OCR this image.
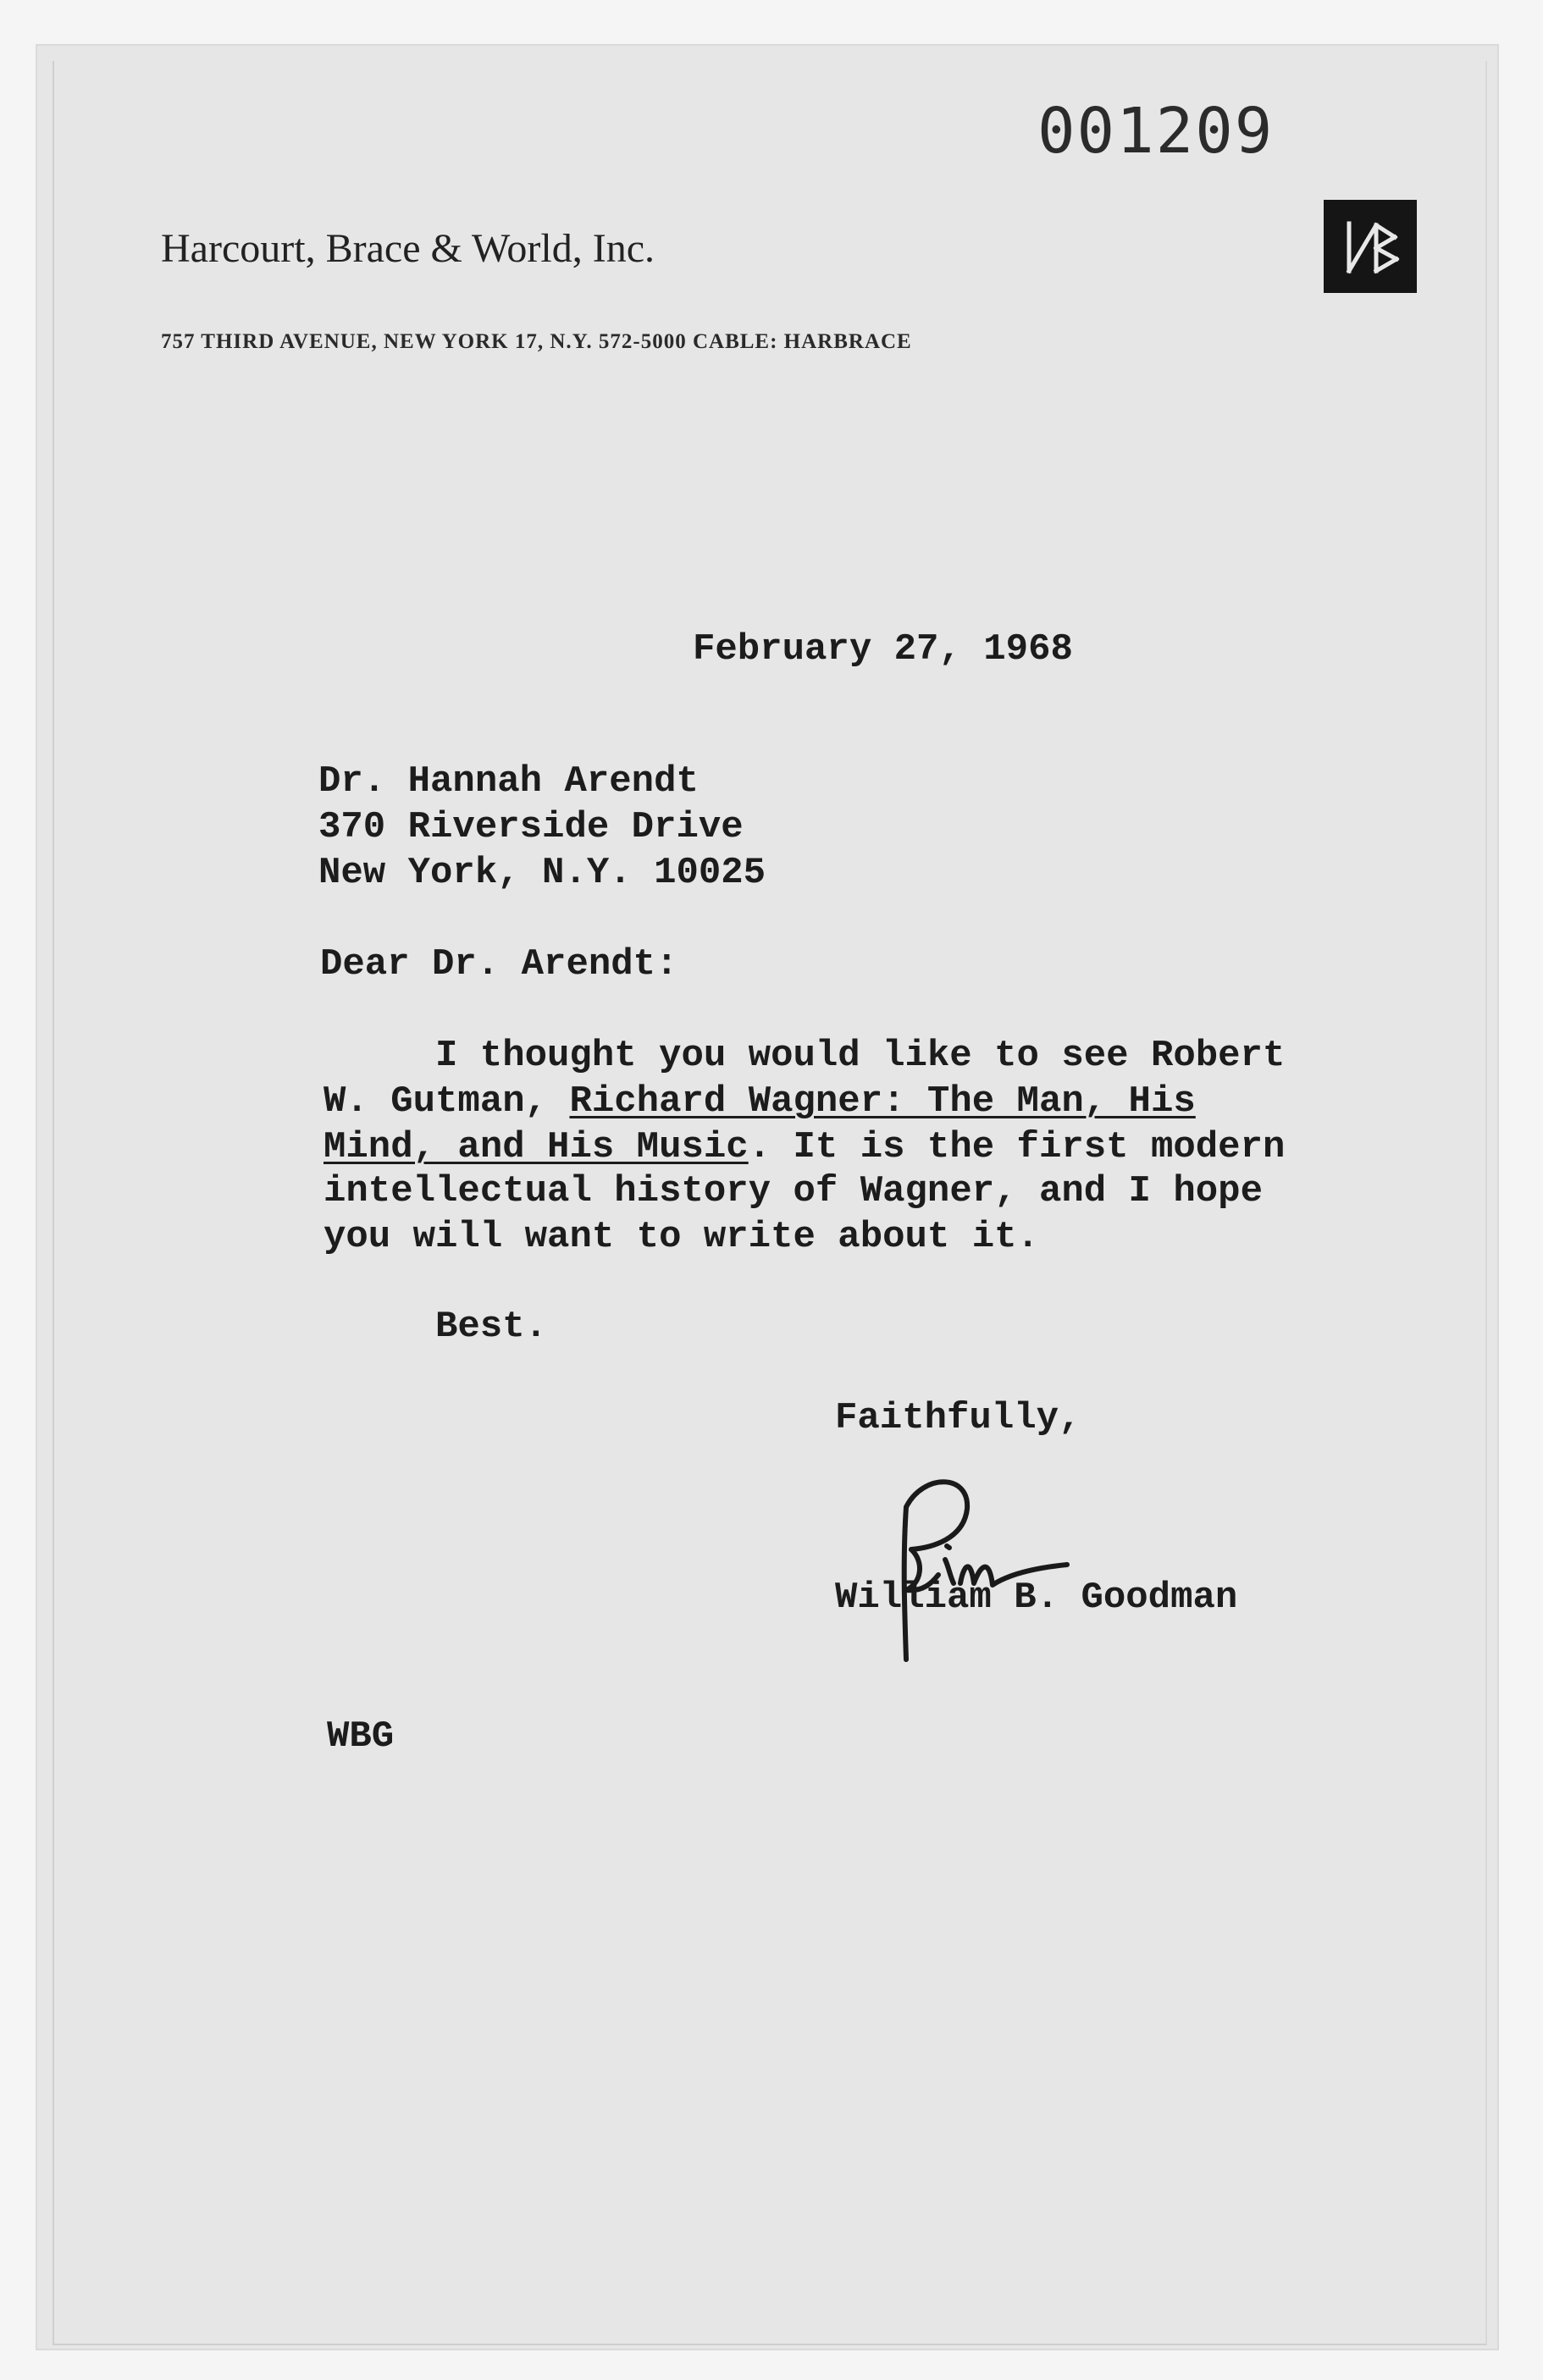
001209
Harcourt, Brace & World, Inc.
757 THIRD AVENUE, NEW YORK 17, N.Y. 572-5000 CABLE: HARBRACE
February 27, 1968
Dr. Hannah Arendt
370 Riverside Drive
New York, N.Y. 10025
Dear Dr. Arendt:
I thought you would like to see Robert
W. Gutman, Richard Wagner: The Man, His
Mind, and His Music. It is the first modern
intellectual history of Wagner, and I hope
you will want to write about it.
Best.
Faithfully,
William B. Goodman
WBG
